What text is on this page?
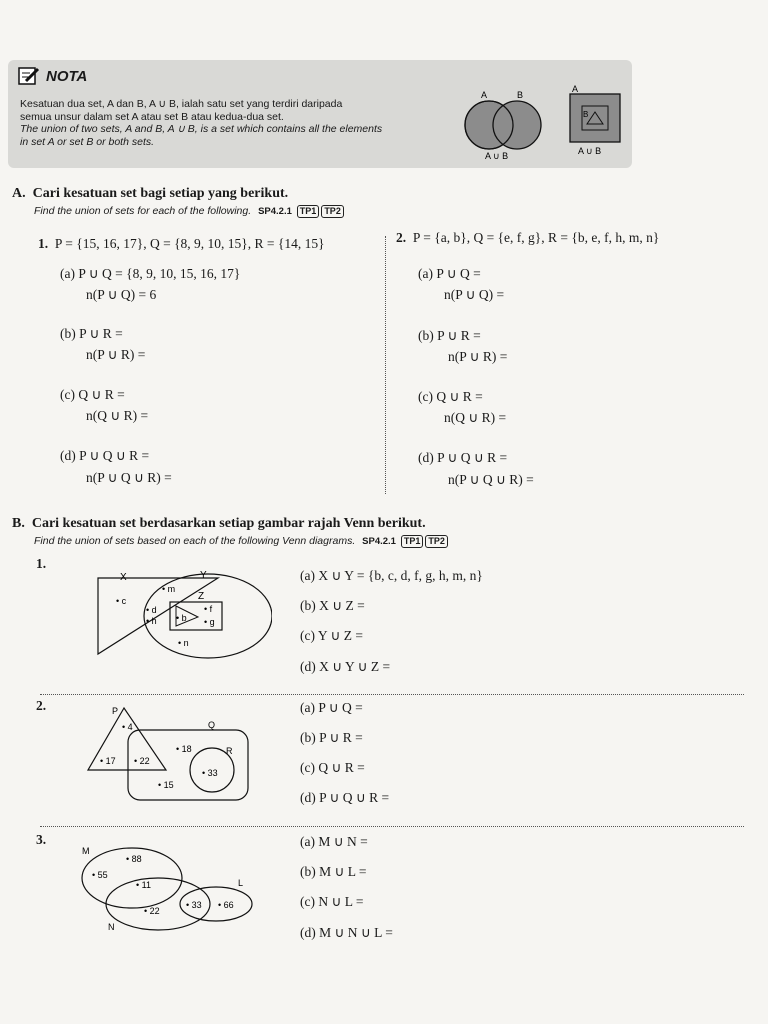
NOTA
Kesatuan dua set, A dan B, A ∪ B, ialah satu set yang terdiri daripada
semua unsur dalam set A atau set B atau kedua-dua set.
The union of two sets, A and B, A ∪ B, is a set which contains all the elements
in set A or set B or both sets.
A	B
A ∪ B
A
B
A ∪ B
A. Cari kesatuan set bagi setiap yang berikut.
Find the union of sets for each of the following. SP4.2.1 TP1 TP2
1. P = {15, 16, 17}, Q = {8, 9, 10, 15}, R = {14, 15}
(a) P ∪ Q = {8, 9, 10, 15, 16, 17}
n(P ∪ Q) = 6
(b) P ∪ R =
n(P ∪ R) =
(c) Q ∪ R =
n(Q ∪ R) =
(d) P ∪ Q ∪ R =
n(P ∪ Q ∪ R) =
2. P = {a, b}, Q = {e, f, g}, R = {b, e, f, h, m, n}
(a) P ∪ Q =
n(P ∪ Q) =
(b) P ∪ R =
n(P ∪ R) =
(c) Q ∪ R =
n(Q ∪ R) =
(d) P ∪ Q ∪ R =
n(P ∪ Q ∪ R) =
B. Cari kesatuan set berdasarkan setiap gambar rajah Venn berikut.
Find the union of sets based on each of the following Venn diagrams. SP4.2.1 TP1 TP2
1.
X	Y
Z
• c
• m
• d
• h • b
• f
• g
• n
(a) X ∪ Y = {b, c, d, f, g, h, m, n}
(b) X ∪ Z =
(c) Y ∪ Z =
(d) X ∪ Y ∪ Z =
2.	P
Q
R
• 4
• 17 • 22
• 18
• 33
• 15
(a) P ∪ Q =
(b) P ∪ R =
(c) Q ∪ R =
(d) P ∪ Q ∪ R =
3.
M
L
N
• 88
• 55
• 11
• 22
• 33 • 66
(a) M ∪ N =
(b) M ∪ L =
(c) N ∪ L =
(d) M ∪ N ∪ L =
